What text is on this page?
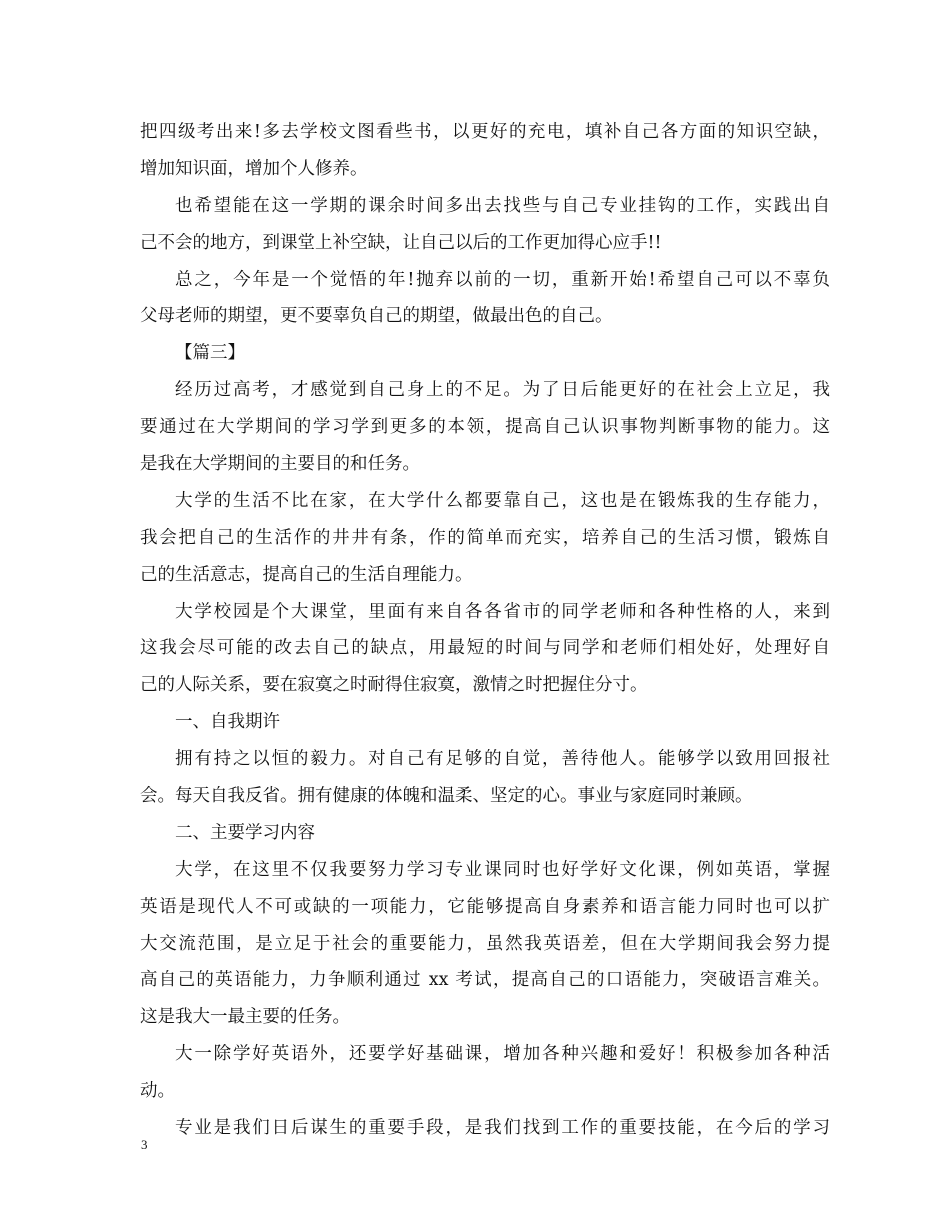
把四级考出来!多去学校文图看些书，以更好的充电，填补自己各方面的知识空缺，
增加知识面，增加个人修养。
也希望能在这一学期的课余时间多出去找些与自己专业挂钩的工作，实践出自
己不会的地方，到课堂上补空缺，让自己以后的工作更加得心应手!!
总之，今年是一个觉悟的年!抛弃以前的一切，重新开始!希望自己可以不辜负
父母老师的期望，更不要辜负自己的期望，做最出色的自己。
【篇三】
经历过高考，才感觉到自己身上的不足。为了日后能更好的在社会上立足，我
要通过在大学期间的学习学到更多的本领，提高自己认识事物判断事物的能力。这
是我在大学期间的主要目的和任务。
大学的生活不比在家，在大学什么都要靠自己，这也是在锻炼我的生存能力，
我会把自己的生活作的井井有条，作的简单而充实，培养自己的生活习惯，锻炼自
己的生活意志，提高自己的生活自理能力。
大学校园是个大课堂，里面有来自各各省市的同学老师和各种性格的人，来到
这我会尽可能的改去自己的缺点，用最短的时间与同学和老师们相处好，处理好自
己的人际关系，要在寂寞之时耐得住寂寞，激情之时把握住分寸。
一、自我期许
拥有持之以恒的毅力。对自己有足够的自觉，善待他人。能够学以致用回报社
会。每天自我反省。拥有健康的体魄和温柔、坚定的心。事业与家庭同时兼顾。
二、主要学习内容
大学，在这里不仅我要努力学习专业课同时也好学好文化课，例如英语，掌握
英语是现代人不可或缺的一项能力，它能够提高自身素养和语言能力同时也可以扩
大交流范围，是立足于社会的重要能力，虽然我英语差，但在大学期间我会努力提
高自己的英语能力，力争顺利通过 xx 考试，提高自己的口语能力，突破语言难关。
这是我大一最主要的任务。
大一除学好英语外，还要学好基础课，增加各种兴趣和爱好！积极参加各种活
动。
专业是我们日后谋生的重要手段，是我们找到工作的重要技能，在今后的学习
3
